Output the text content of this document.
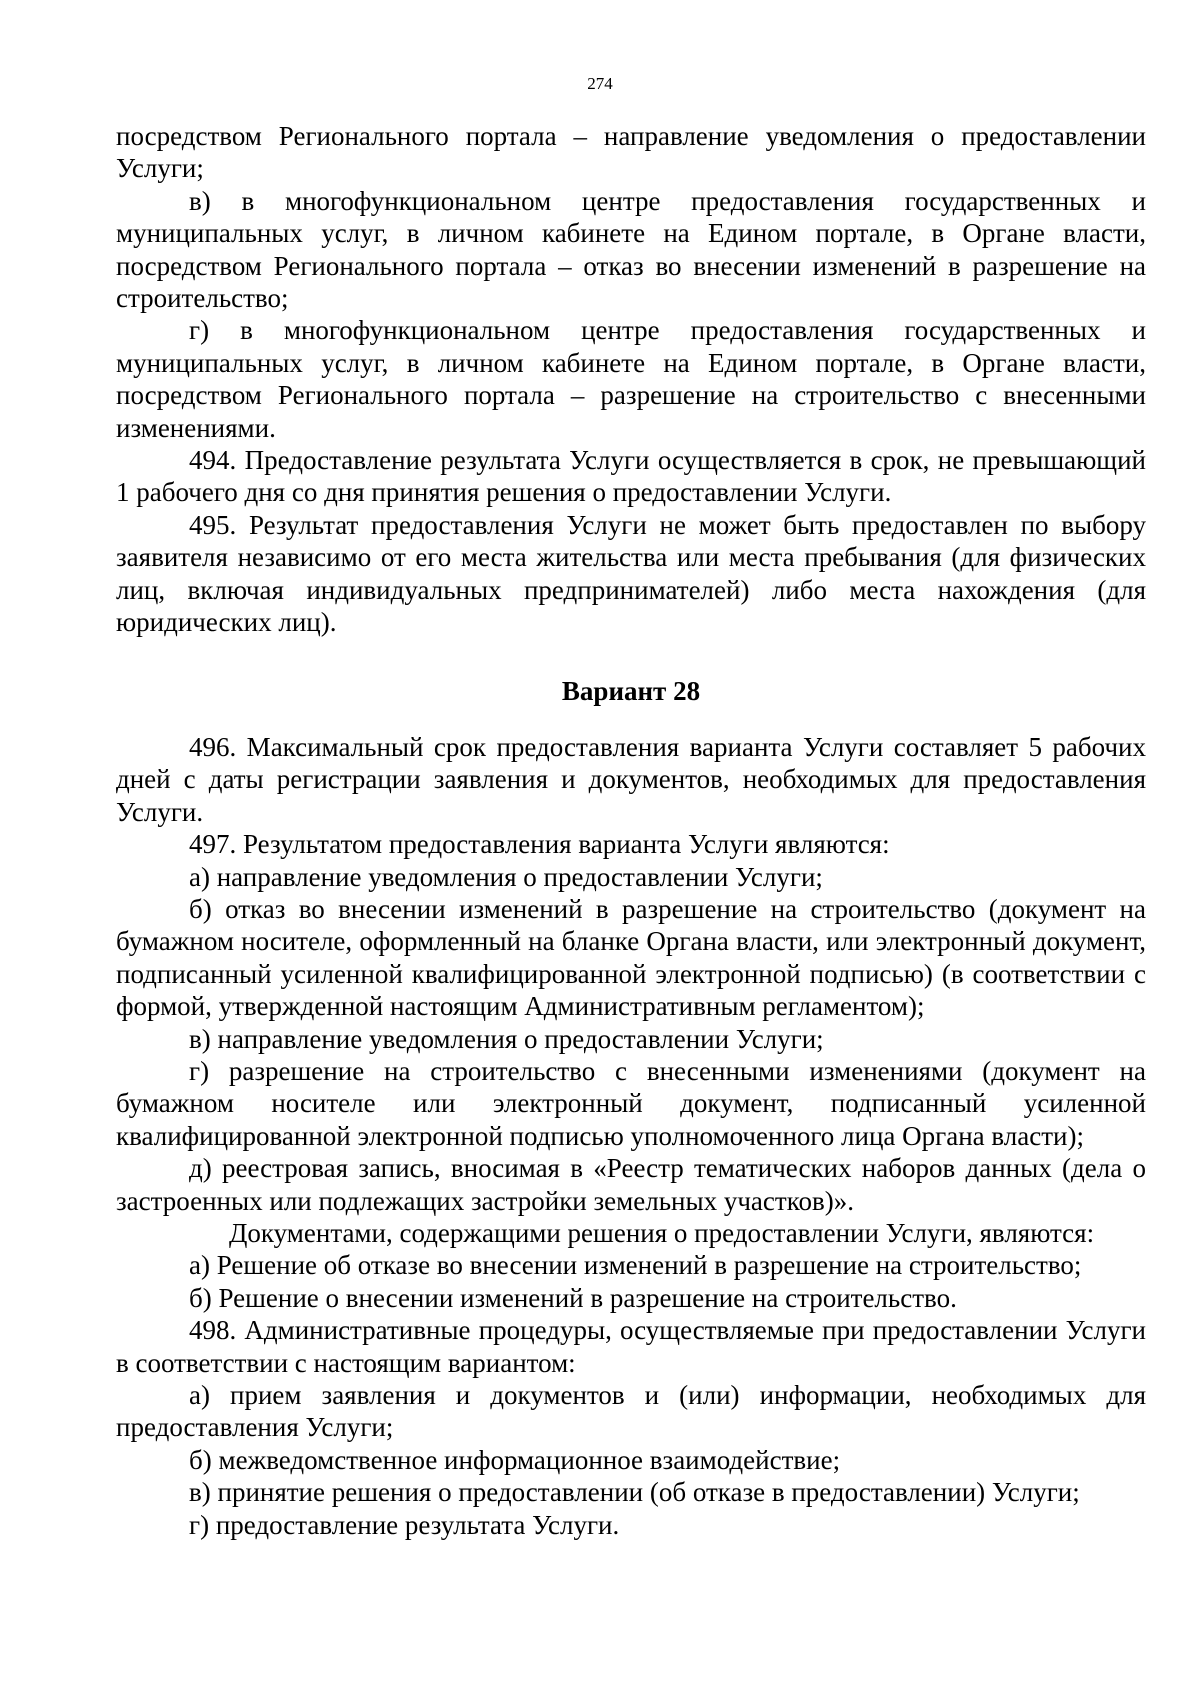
274

посредством Регионального портала – направление уведомления о предоставлении Услуги;

в) в многофункциональном центре предоставления государственных и муниципальных услуг, в личном кабинете на Едином портале, в Органе власти, посредством Регионального портала – отказ во внесении изменений в разрешение на строительство;

г) в многофункциональном центре предоставления государственных и муниципальных услуг, в личном кабинете на Едином портале, в Органе власти, посредством Регионального портала – разрешение на строительство с внесенными изменениями.

494. Предоставление результата Услуги осуществляется в срок, не превышающий 1 рабочего дня со дня принятия решения о предоставлении Услуги.

495. Результат предоставления Услуги не может быть предоставлен по выбору заявителя независимо от его места жительства или места пребывания (для физических лиц, включая индивидуальных предпринимателей) либо места нахождения (для юридических лиц).

Вариант 28

496. Максимальный срок предоставления варианта Услуги составляет 5 рабочих дней с даты регистрации заявления и документов, необходимых для предоставления Услуги.

497. Результатом предоставления варианта Услуги являются:

а) направление уведомления о предоставлении Услуги;

б) отказ во внесении изменений в разрешение на строительство (документ на бумажном носителе, оформленный на бланке Органа власти, или электронный документ, подписанный усиленной квалифицированной электронной подписью) (в соответствии с формой, утвержденной настоящим Административным регламентом);

в) направление уведомления о предоставлении Услуги;

г) разрешение на строительство с внесенными изменениями (документ на бумажном носителе или электронный документ, подписанный усиленной квалифицированной электронной подписью уполномоченного лица Органа власти);

д) реестровая запись, вносимая в «Реестр тематических наборов данных (дела о застроенных или подлежащих застройки земельных участков)».

Документами, содержащими решения о предоставлении Услуги, являются:

а) Решение об отказе во внесении изменений в разрешение на строительство;

б) Решение о внесении изменений в разрешение на строительство.

498. Административные процедуры, осуществляемые при предоставлении Услуги в соответствии с настоящим вариантом:

а) прием заявления и документов и (или) информации, необходимых для предоставления Услуги;

б) межведомственное информационное взаимодействие;

в) принятие решения о предоставлении (об отказе в предоставлении) Услуги;

г) предоставление результата Услуги.
